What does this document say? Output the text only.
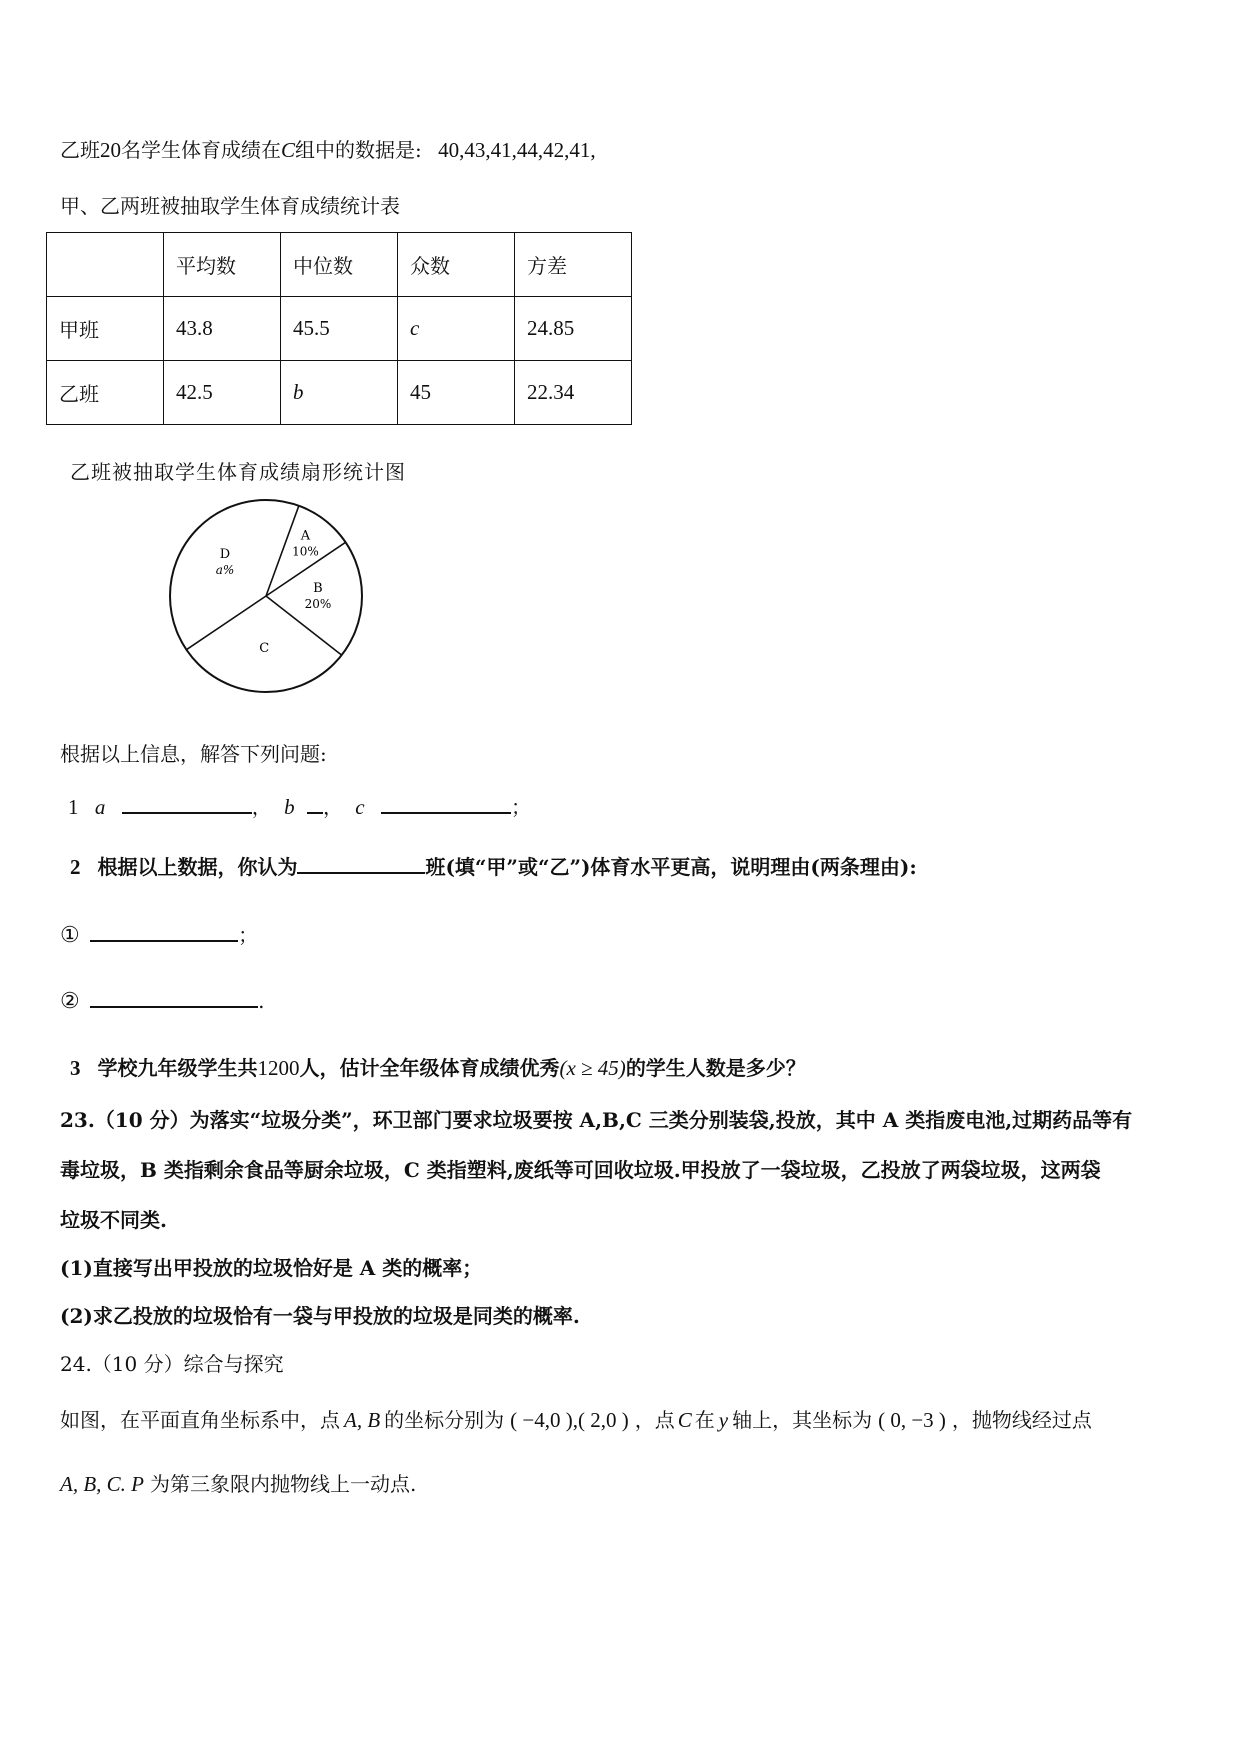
乙班20名学生体育成绩在C组中的数据是: 40,43,41,44,42,41,
甲、乙两班被抽取学生体育成绩统计表
	平均数	中位数	众数	方差
甲班	43.8	45.5	c	24.85
乙班	42.5	b	45	22.34
乙班被抽取学生体育成绩扇形统计图
A
10%
B
20%
C
D
a%
根据以上信息，解答下列问题:
1 a	， b ， c	；
2 根据以上数据，你认为	班(填“甲”或“乙”)体育水平更高，说明理由(两条理由):
①	；
②	.
3 学校九年级学生共1200人，估计全年级体育成绩优秀(x ≥ 45)的学生人数是多少？
23.（10 分）为落实“垃圾分类”，环卫部门要求垃圾要按 A,B,C 三类分别装袋,投放，其中 A 类指废电池,过期药品等有
毒垃圾，B 类指剩余食品等厨余垃圾，C 类指塑料,废纸等可回收垃圾.甲投放了一袋垃圾，乙投放了两袋垃圾，这两袋
垃圾不同类.
(1)直接写出甲投放的垃圾恰好是 A 类的概率；
(2)求乙投放的垃圾恰有一袋与甲投放的垃圾是同类的概率.
24.（10 分）综合与探究
如图，在平面直角坐标系中，点 A, B 的坐标分别为 ( −4,0 ),( 2,0 ) ，点 C 在 y 轴上，其坐标为 ( 0, −3 ) ，抛物线经过点
A, B, C. P 为第三象限内抛物线上一动点.
